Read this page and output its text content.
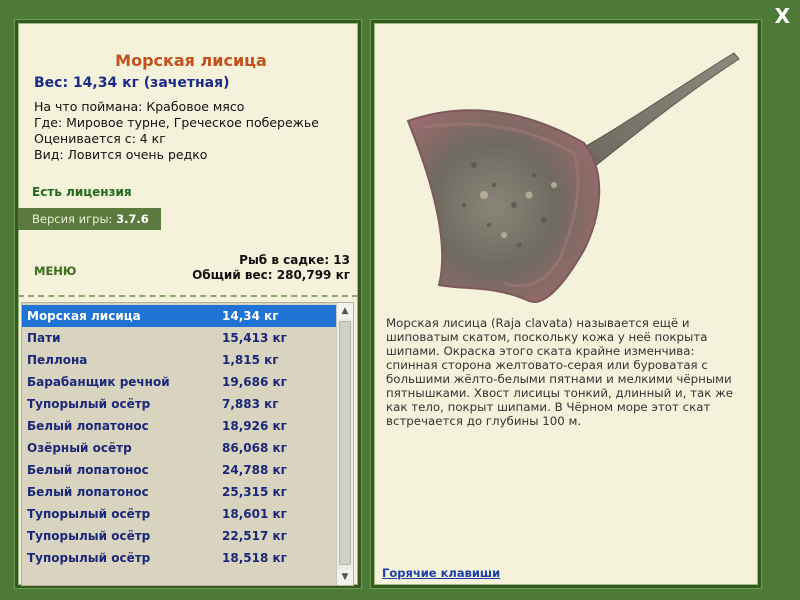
X
Морская лисица
Вес: 14,34 кг (зачетная)
На что поймана: Крабовое мясо
Где: Мировое турне, Греческое побережье
Оценивается с: 4 кг
Вид: Ловится очень редко
Есть лицензия
Версия игры: 3.7.6
МЕНЮ
Рыб в садке: 13
Общий вес: 280,799 кг
Морская лисица	14,34 кг
Пати	15,413 кг
Пеллона	1,815 кг
Барабанщик речной	19,686 кг
Тупорылый осётр	7,883 кг
Белый лопатонос	18,926 кг
Озёрный осётр	86,068 кг
Белый лопатонос	24,788 кг
Белый лопатонос	25,315 кг
Тупорылый осётр	18,601 кг
Тупорылый осётр	22,517 кг
Тупорылый осётр	18,518 кг
▲
▼
Морская лисица (Raja clavata) называется ещё и шиповатым скатом, поскольку кожа у неё покрыта шипами. Окраска этого ската крайне изменчива: спинная сторона желтовато-серая или буроватая с большими жёлто-белыми пятнами и мелкими чёрными пятнышками. Хвост лисицы тонкий, длинный и, так же как тело, покрыт шипами. В Чёрном море этот скат встречается до глубины 100 м.
Горячие клавиши
